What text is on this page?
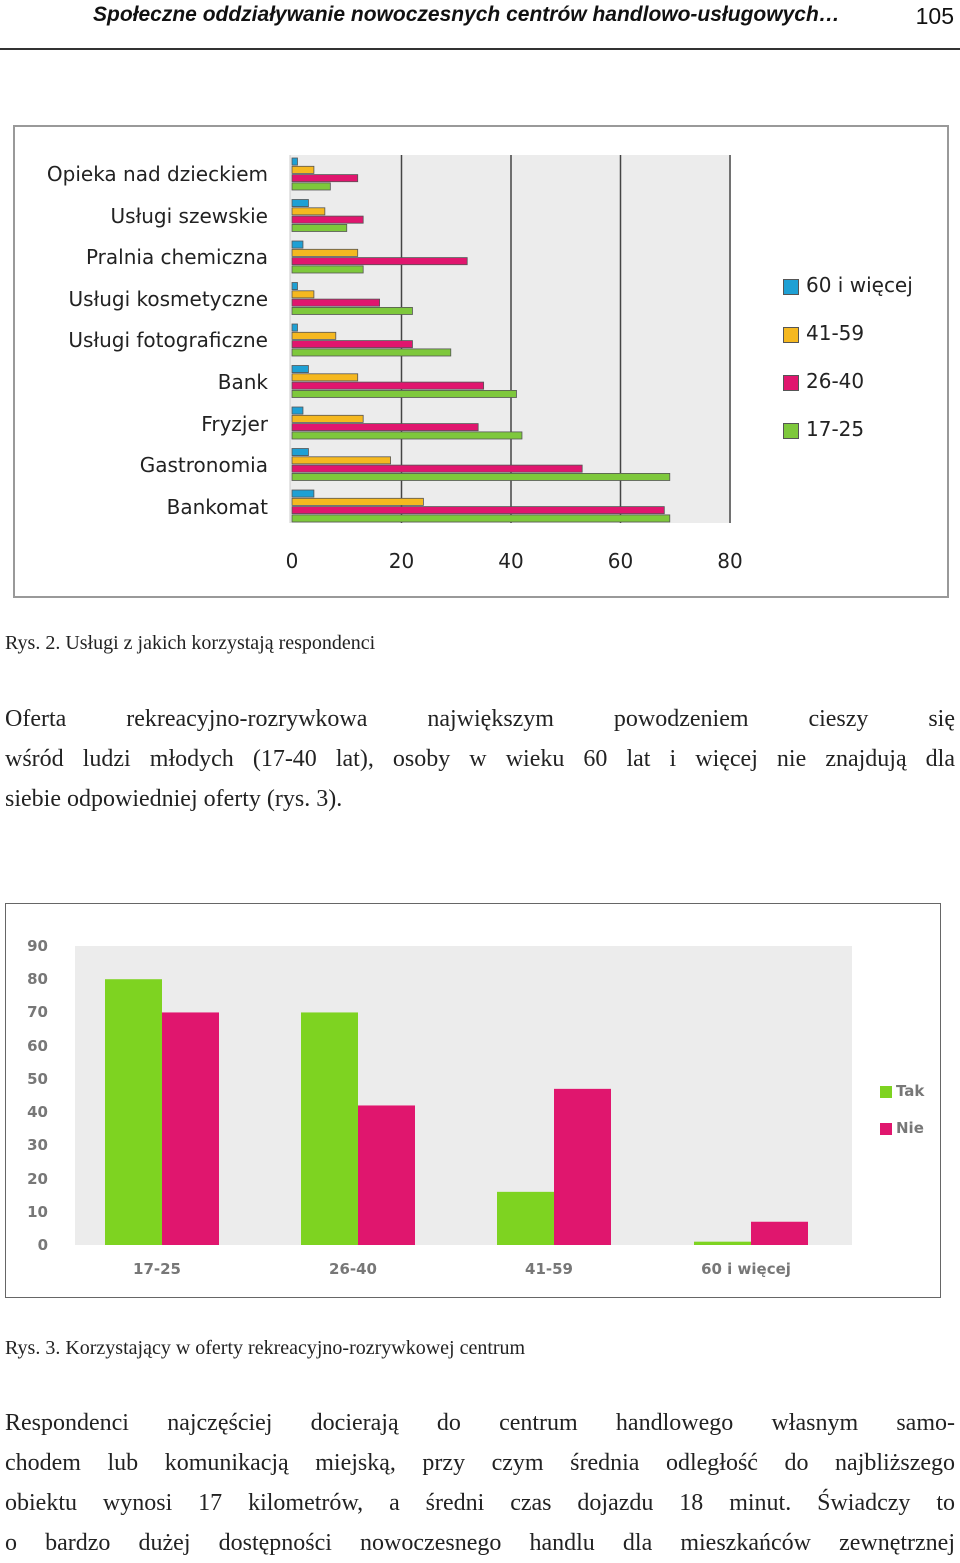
Społeczne oddziaływanie nowoczesnych centrów handlowo-usługowych…	105
Opieka nad dzieckiem
Usługi szewskie
Pralnia chemiczna
Usługi kosmetyczne
Usługi fotograficzne
Bank
Fryzjer
Gastronomia
Bankomat
0	20	40	60	80
60 i więcej
41-59
26-40
17-25
Rys. 2. Usługi z jakich korzystają respondenci
Oferta rekreacyjno-rozrywkowa największym powodzeniem cieszy się
wśród ludzi młodych (17-40 lat), osoby w wieku 60 lat i więcej nie znajdują dla
siebie odpowiedniej oferty (rys. 3).
0
10
20
30
40
50
60
70
80
90
17-25	26-40	41-59	60 i więcej
Tak
Nie
Rys. 3. Korzystający w oferty rekreacyjno-rozrywkowej centrum
Respondenci najczęściej docierają do centrum handlowego własnym samo-
chodem lub komunikacją miejską, przy czym średnia odległość do najbliższego
obiektu wynosi 17 kilometrów, a średni czas dojazdu 18 minut. Świadczy to
o bardzo dużej dostępności nowoczesnego handlu dla mieszkańców zewnętrznej
